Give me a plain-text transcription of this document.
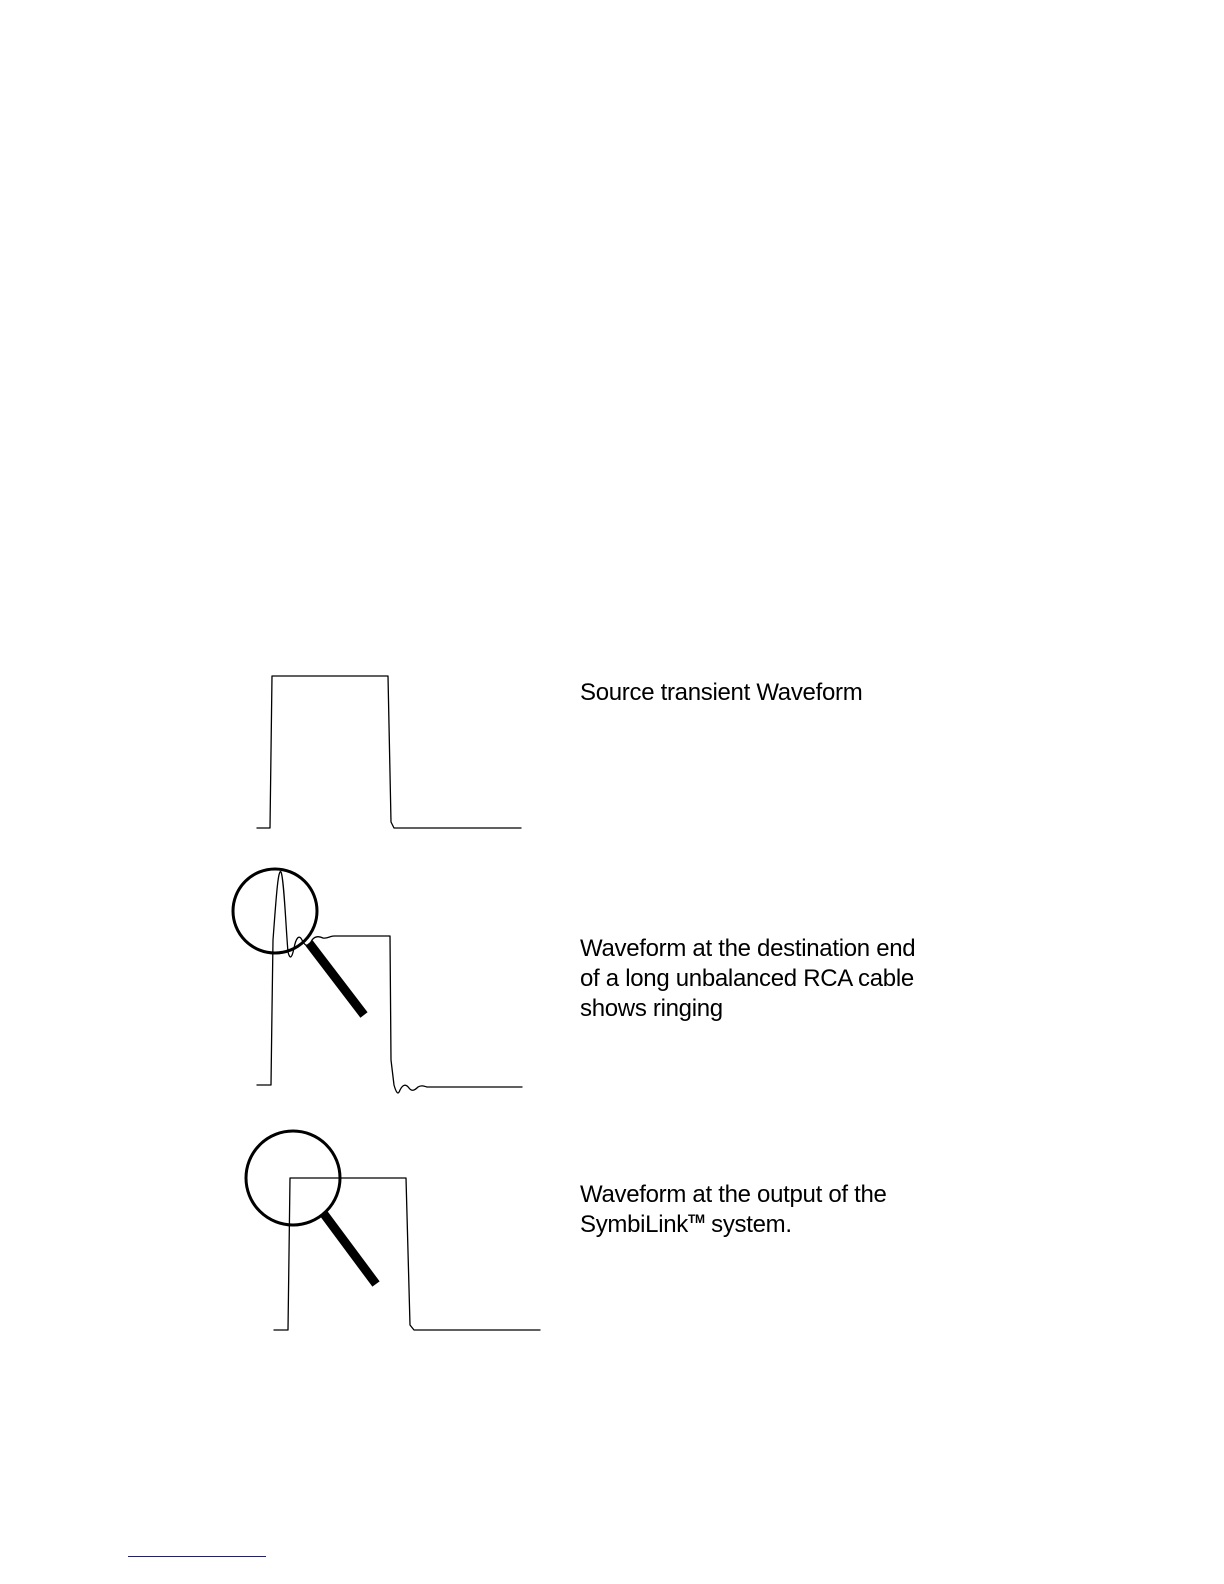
Source transient Waveform

Waveform at the destination end
of a long unbalanced RCA cable
shows ringing

Waveform at the output of the
SymbiLink™ system.
